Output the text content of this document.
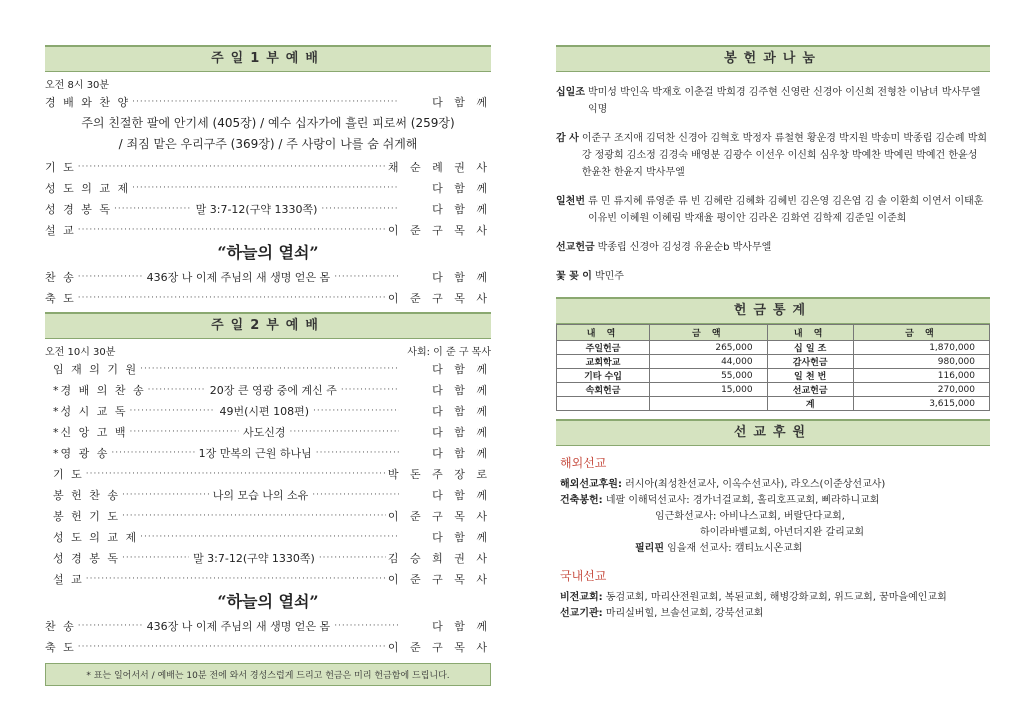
주일1부예배
오전 8시 30분
경 배 와 찬 양 ·····	다 함 께
주의 친절한 팔에 안기세 (405장) / 예수 십자가에 흘린 피로써 (259장)
/ 죄짐 맡은 우리구주 (369장) / 주 사랑이 나를 숨 쉬게해
기 도 ·····	채 순 례 권 사
성 도 의 교 제 ·····	다 함 께
성 경 봉 독 ·····	말 3:7-12(구약 1330쪽) ·····	다 함 께
설 교 ·····	이 준 구 목 사
“하늘의 열쇠”
찬 송 ·····	436장 나 이제 주님의 새 생명 얻은 몸 ·····	다 함 께
축 도 ·····	이 준 구 목 사
주일2부예배
오전 10시 30분	사회: 이 준 구 목사
임 재 의 기 원 ·····	다 함 께
*경 배 의 찬 송 ·····	20장 큰 영광 중에 계신 주 ·····	다 함 께
*성 시 교 독 ·····	49번(시편 108편) ·····	다 함 께
*신 앙 고 백 ·····	사도신경 ·····	다 함 께
*영 광 송 ·····	1장 만복의 근원 하나님 ·····	다 함 께
기 도 ·····	박 돈 주 장 로
봉 헌 찬 송 ·····	나의 모습 나의 소유 ·····	다 함 께
봉 헌 기 도 ·····	이 준 구 목 사
성 도 의 교 제 ·····	다 함 께
성 경 봉 독 ·····	말 3:7-12(구약 1330쪽) ·····	김 승 희 권 사
설 교 ·····	이 준 구 목 사
“하늘의 열쇠”
찬 송 ·····	436장 나 이제 주님의 새 생명 얻은 몸 ·····	다 함 께
축 도 ·····	이 준 구 목 사
* 표는 일어서서 / 예배는 10분 전에 와서 경성스럽게 드리고 헌금은 미리 헌금함에 드립니다.
봉헌과나눔
십일조 박미성 박인옥 박재호 이춘걸 박희경 김주현 신영란 신경아 이신희 전형찬 이남녀 박사무엘 익명
감 사 이준구 조지애 김덕찬 신경아 김혁호 박정자 류철현 황운경 박지원 박송미 박종립 김순례 박희강 정광희 김소정 김경숙 배영분 김광수 이선우 이신희 심우창 박예찬 박예린 박예건 한윤성 한윤찬 한윤지 박사무엘
일천번 류 민 류지혜 류영준 류 빈 김혜란 김혜화 김혜빈 김은영 김은엽 김 솔 이환희 이연서 이태훈 이유빈 이혜원 이혜림 박재율 평이안 김라온 김화연 김학제 김준일 이준희
선교헌금 박종립 신경아 김성경 유윤순b 박사무엘
꽃 꽂 이 박민주
헌금통계
내 역	금 액	내 역	금 액
주일헌금	265,000	십 일 조	1,870,000
교회학교	44,000	감사헌금	980,000
기타 수입	55,000	일 천 번	116,000
속회헌금	15,000	선교헌금	270,000
		계	3,615,000
선교후원
해외선교
해외선교후원: 러시아(최성찬선교사, 이옥수선교사), 라오스(이준상선교사)
건축봉헌: 네팔 이해덕선교사: 경가너걸교회, 홀리호프교회, 삐라하니교회
임근화선교사: 아비나스교회, 버랄단다교회,
하이라바벨교회, 아년더지완 갈리교회
필리핀 임을재 선교사: 캠티뇨시온교회
국내선교
비전교회: 동검교회, 마리산전원교회, 복된교회, 해병강화교회, 위드교회, 꿈마을예인교회
선교기관: 마리실버힐, 브솔선교회, 강북선교회
